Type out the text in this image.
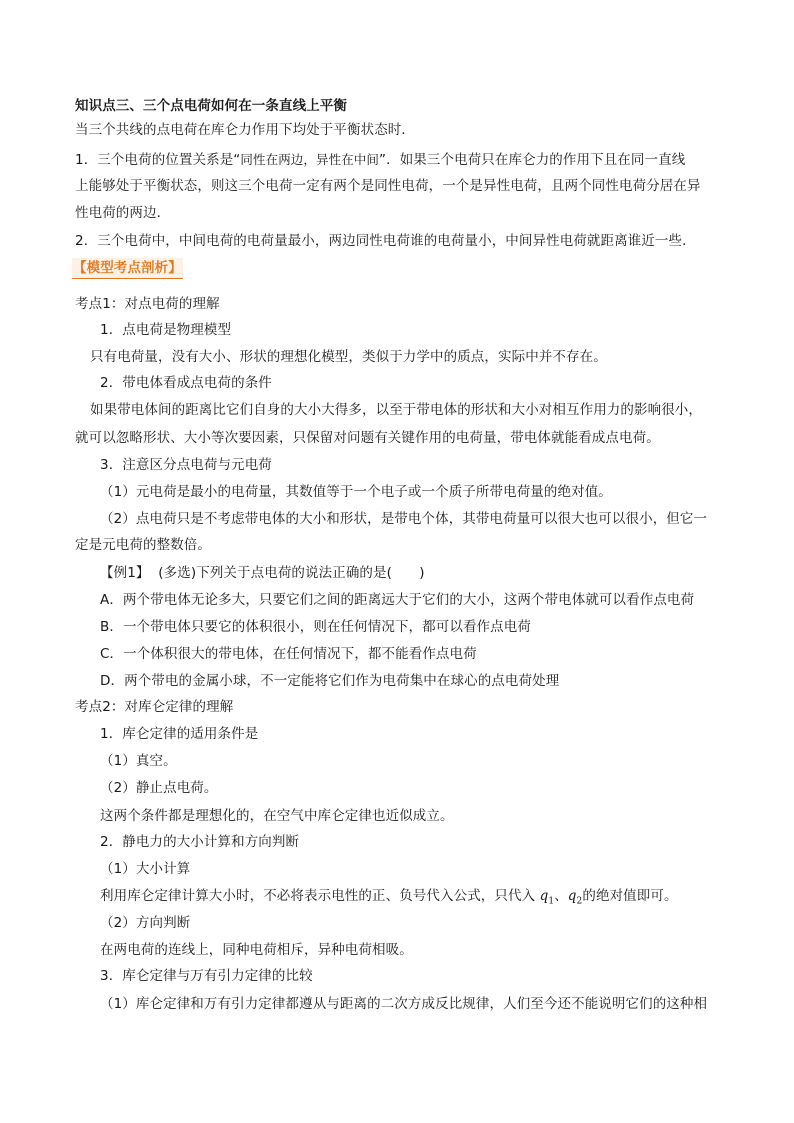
知识点三、三个点电荷如何在一条直线上平衡
当三个共线的点电荷在库仑力作用下均处于平衡状态时．
1．三个电荷的位置关系是“同性在两边，异性在中间”．如果三个电荷只在库仑力的作用下且在同一直线
上能够处于平衡状态，则这三个电荷一定有两个是同性电荷，一个是异性电荷，且两个同性电荷分居在异
性电荷的两边．
2．三个电荷中，中间电荷的电荷量最小，两边同性电荷谁的电荷量小，中间异性电荷就距离谁近一些．
【模型考点剖析】
考点1：对点电荷的理解
1．点电荷是物理模型
只有电荷量，没有大小、形状的理想化模型，类似于力学中的质点，实际中并不存在。
2．带电体看成点电荷的条件
如果带电体间的距离比它们自身的大小大得多，以至于带电体的形状和大小对相互作用力的影响很小，
就可以忽略形状、大小等次要因素，只保留对问题有关键作用的电荷量，带电体就能看成点电荷。
3．注意区分点电荷与元电荷
（1）元电荷是最小的电荷量，其数值等于一个电子或一个质子所带电荷量的绝对值。
（2）点电荷只是不考虑带电体的大小和形状，是带电个体，其带电荷量可以很大也可以很小，但它一
定是元电荷的整数倍。
【例1】 (多选)下列关于点电荷的说法正确的是(　　)
A．两个带电体无论多大，只要它们之间的距离远大于它们的大小，这两个带电体就可以看作点电荷
B．一个带电体只要它的体积很小，则在任何情况下，都可以看作点电荷
C．一个体积很大的带电体，在任何情况下，都不能看作点电荷
D．两个带电的金属小球，不一定能将它们作为电荷集中在球心的点电荷处理
考点2：对库仑定律的理解
1．库仑定律的适用条件是
（1）真空。
（2）静止点电荷。
这两个条件都是理想化的，在空气中库仑定律也近似成立。
2．静电力的大小计算和方向判断
（1）大小计算
利用库仑定律计算大小时，不必将表示电性的正、负号代入公式，只代入 $q_1$、$q_2$的绝对值即可。
（2）方向判断
在两电荷的连线上，同种电荷相斥，异种电荷相吸。
3．库仑定律与万有引力定律的比较
（1）库仑定律和万有引力定律都遵从与距离的二次方成反比规律，人们至今还不能说明它们的这种相
